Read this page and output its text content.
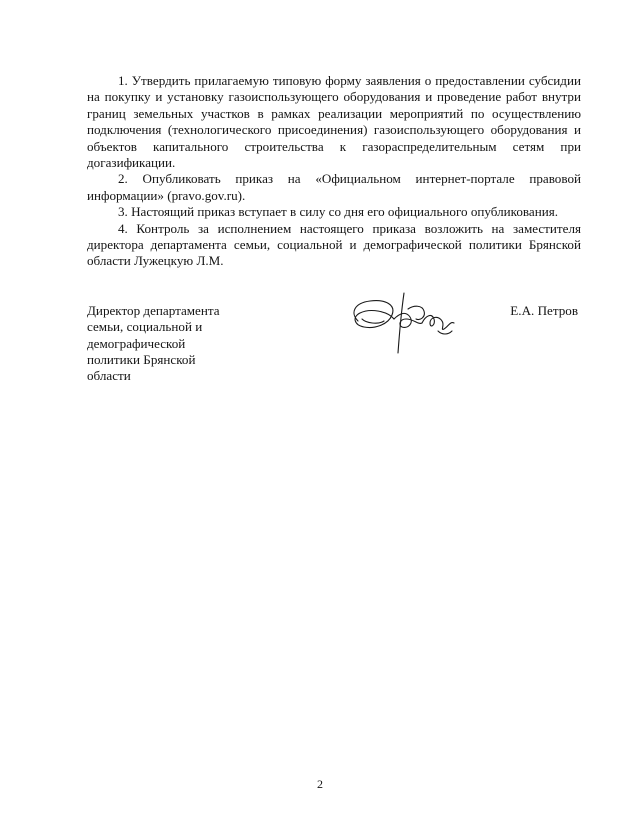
1. Утвердить прилагаемую типовую форму заявления о предоставлении субсидии на покупку и установку газоиспользующего оборудования и проведение работ внутри границ земельных участков в рамках реализации мероприятий по осуществлению подключения (технологического присоединения) газоиспользующего оборудования и объектов капитального строительства к газораспределительным сетям при догазификации.

2. Опубликовать приказ на «Официальном интернет-портале правовой информации» (pravo.gov.ru).

3. Настоящий приказ вступает в силу со дня его официального опубликования.

4. Контроль за исполнением настоящего приказа возложить на заместителя директора департамента семьи, социальной и демографической политики Брянской области Лужецкую Л.М.

Директор департамента
семьи, социальной и
демографической
политики Брянской
области
Е.А. Петров
2
